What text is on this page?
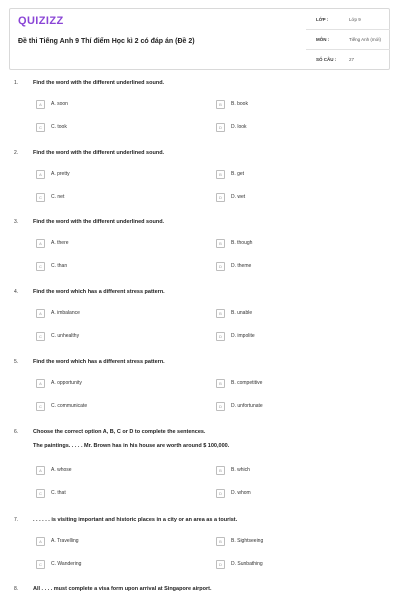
QUIZIZZ
Đề thi Tiếng Anh 9 Thí điểm Học kì 2 có đáp án (Đề 2)
LỚP :	Lớp 9
MÔN :	Tiếng Anh (mới)
SỐ CÂU :	27
1.	Find the word with the different underlined sound.
A	A. soon	B	B. book
C	C. took	D	D. look
2.	Find the word with the different underlined sound.
A	A. pretty	B	B. get
C	C. net	D	D. wet
3.	Find the word with the different underlined sound.
A	A. there	B	B. though
C	C. than	D	D. theme
4.	Find the word which has a different stress pattern.
A	A. imbalance	B	B. unable
C	C. unhealthy	D	D. impolite
5.	Find the word which has a different stress pattern.
A	A. opportunity	B	B. competitive
C	C. communicate	D	D. unfortunate
6.	Choose the correct option A, B, C or D to complete the sentences.
The paintings. . . . . Mr. Brown has in his house are worth around $ 100,000.
A	A. whose	B	B. which
C	C. that	D	D. whom
7.	. . . . . . is visiting important and historic places in a city or an area as a tourist.
A	A. Travelling	B	B. Sightseeing
C	C. Wandering	D	D. Sunbathing
8.	All . . . . must complete a visa form upon arrival at Singapore airport.
